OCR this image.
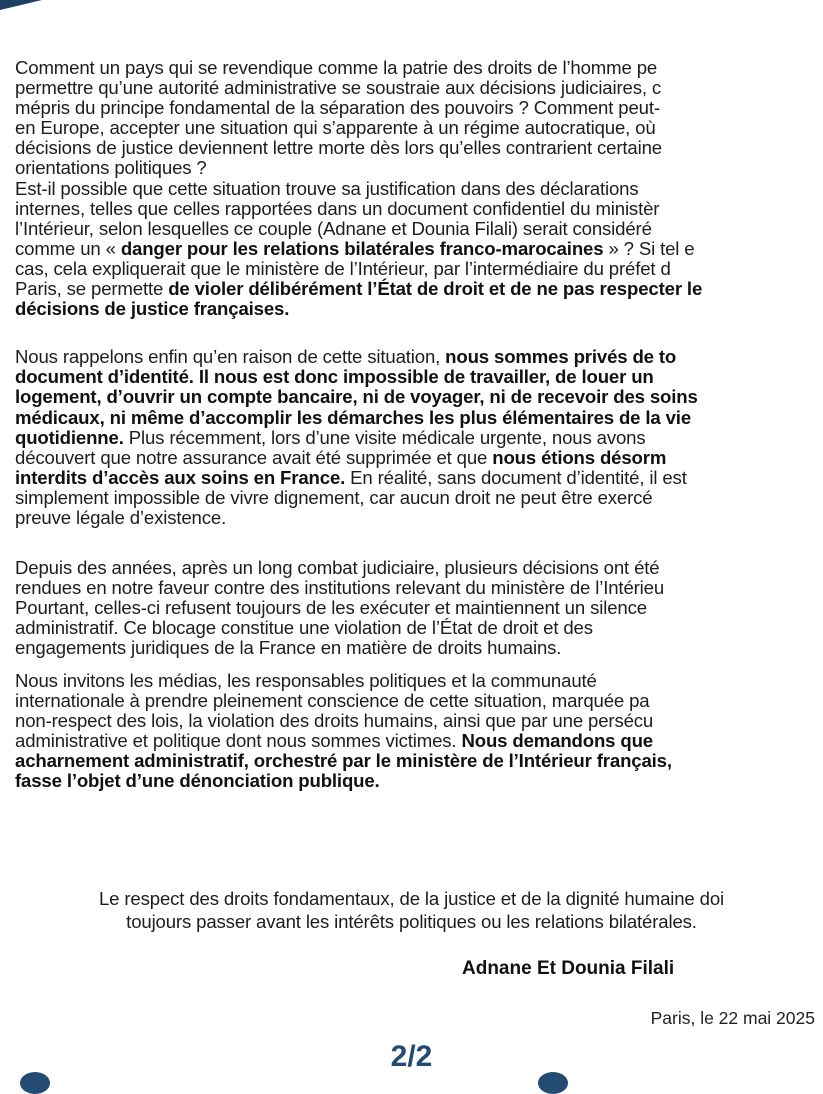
Comment un pays qui se revendique comme la patrie des droits de l’homme pe
permettre qu’une autorité administrative se soustraie aux décisions judiciaires, c
mépris du principe fondamental de la séparation des pouvoirs ? Comment peut-
en Europe, accepter une situation qui s’apparente à un régime autocratique, où
décisions de justice deviennent lettre morte dès lors qu’elles contrarient certaine
orientations politiques ?

Est-il possible que cette situation trouve sa justification dans des déclarations
internes, telles que celles rapportées dans un document confidentiel du ministèr
l’Intérieur, selon lesquelles ce couple (Adnane et Dounia Filali) serait considéré
comme un « danger pour les relations bilatérales franco-marocaines » ? Si tel e
cas, cela expliquerait que le ministère de l’Intérieur, par l’intermédiaire du préfet d
Paris, se permette de violer délibérément l’État de droit et de ne pas respecter le
décisions de justice françaises.

Nous rappelons enfin qu’en raison de cette situation, nous sommes privés de to
document d’identité. Il nous est donc impossible de travailler, de louer un
logement, d’ouvrir un compte bancaire, ni de voyager, ni de recevoir des soins
médicaux, ni même d’accomplir les démarches les plus élémentaires de la vie
quotidienne. Plus récemment, lors d’une visite médicale urgente, nous avons
découvert que notre assurance avait été supprimée et que nous étions désorm
interdits d’accès aux soins en France. En réalité, sans document d’identité, il est
simplement impossible de vivre dignement, car aucun droit ne peut être exercé
preuve légale d’existence.

Depuis des années, après un long combat judiciaire, plusieurs décisions ont été
rendues en notre faveur contre des institutions relevant du ministère de l’Intérieu
Pourtant, celles-ci refusent toujours de les exécuter et maintiennent un silence
administratif. Ce blocage constitue une violation de l’État de droit et des
engagements juridiques de la France en matière de droits humains.

Nous invitons les médias, les responsables politiques et la communauté
internationale à prendre pleinement conscience de cette situation, marquée pa
non-respect des lois, la violation des droits humains, ainsi que par une persécu
administrative et politique dont nous sommes victimes. Nous demandons que
acharnement administratif, orchestré par le ministère de l’Intérieur français,
fasse l’objet d’une dénonciation publique.

Le respect des droits fondamentaux, de la justice et de la dignité humaine doi
toujours passer avant les intérêts politiques ou les relations bilatérales.
Adnane Et Dounia Filali
Paris, le 22 mai 2025
2/2
